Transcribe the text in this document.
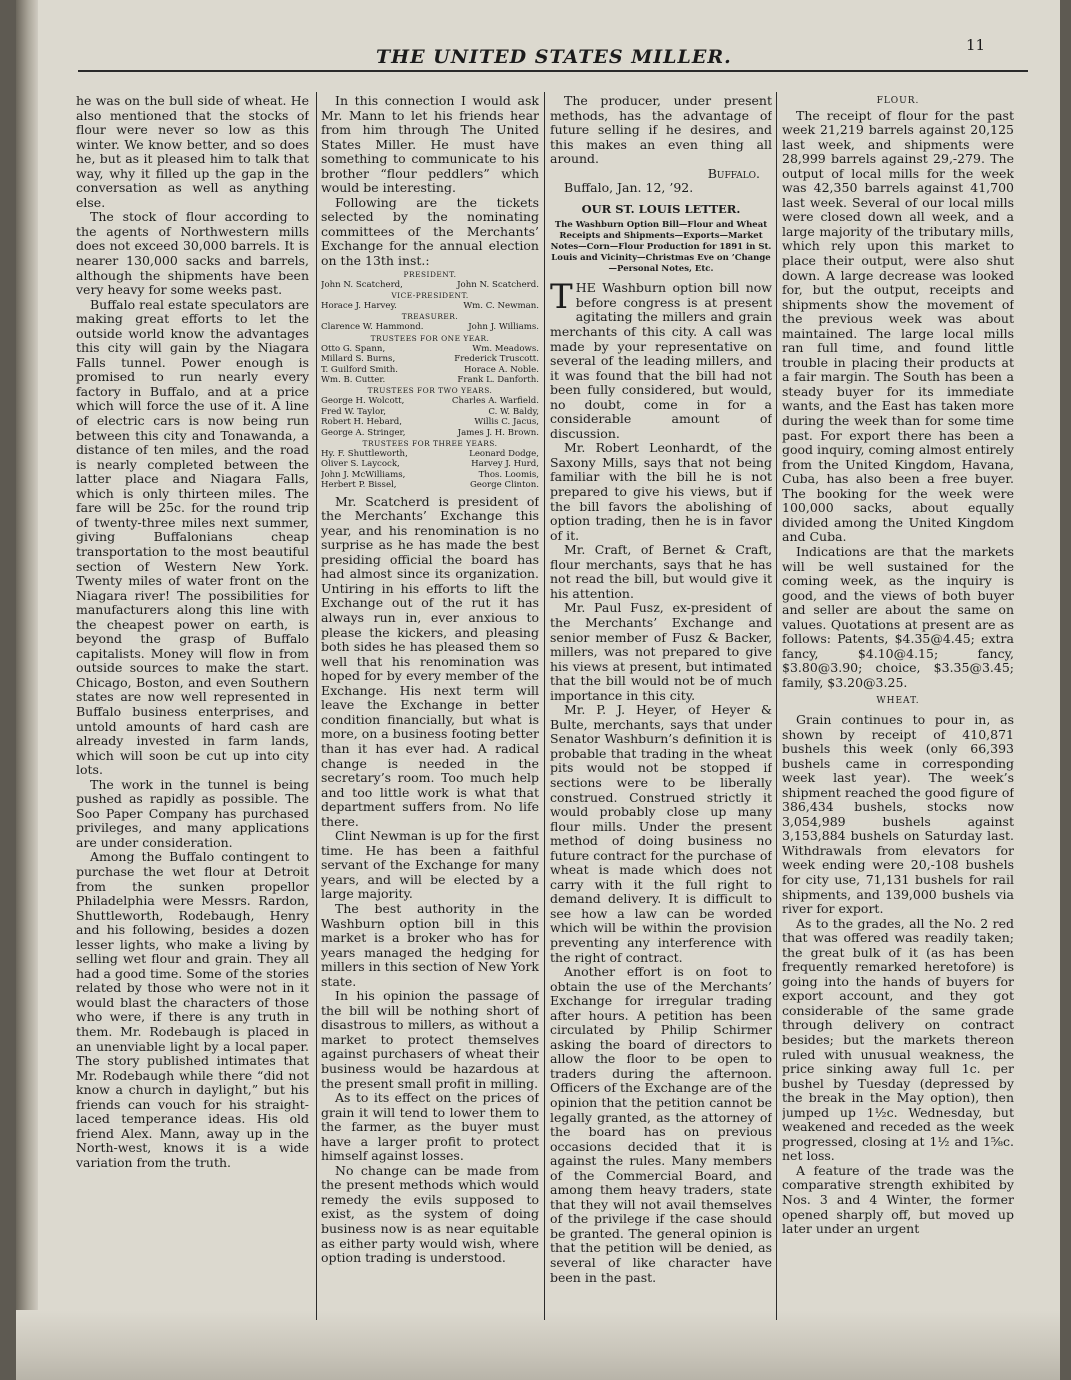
THE UNITED STATES MILLER.
11

he was on the bull side of wheat. He also mentioned that the stocks of flour were never so low as this winter. We know better, and so does he, but as it pleased him to talk that way, why it filled up the gap in the conversation as well as anything else.

The stock of flour according to the agents of Northwestern mills does not exceed 30,000 barrels. It is nearer 130,000 sacks and barrels, although the shipments have been very heavy for some weeks past.

Buffalo real estate speculators are making great efforts to let the outside world know the advantages this city will gain by the Niagara Falls tunnel. Power enough is promised to run nearly every factory in Buffalo, and at a price which will force the use of it. A line of electric cars is now being run between this city and Tonawanda, a distance of ten miles, and the road is nearly completed between the latter place and Niagara Falls, which is only thirteen miles. The fare will be 25c. for the round trip of twenty-three miles next summer, giving Buffalonians cheap transportation to the most beautiful section of Western New York. Twenty miles of water front on the Niagara river! The possibilities for manufacturers along this line with the cheapest power on earth, is beyond the grasp of Buffalo capitalists. Money will flow in from outside sources to make the start. Chicago, Boston, and even Southern states are now well represented in Buffalo business enterprises, and untold amounts of hard cash are already invested in farm lands, which will soon be cut up into city lots.

The work in the tunnel is being pushed as rapidly as possible. The Soo Paper Company has purchased privileges, and many applications are under consideration.

Among the Buffalo contingent to purchase the wet flour at Detroit from the sunken propellor Philadelphia were Messrs. Rardon, Shuttleworth, Rodebaugh, Henry and his following, besides a dozen lesser lights, who make a living by selling wet flour and grain. They all had a good time. Some of the stories related by those who were not in it would blast the characters of those who were, if there is any truth in them. Mr. Rodebaugh is placed in an unenviable light by a local paper. The story published intimates that Mr. Rodebaugh while there “did not know a church in daylight,” but his friends can vouch for his straight-laced temperance ideas. His old friend Alex. Mann, away up in the North-west, knows it is a wide variation from the truth.

In this connection I would ask Mr. Mann to let his friends hear from him through The United States Miller. He must have something to communicate to his brother “flour peddlers” which would be interesting.

Following are the tickets selected by the nominating committees of the Merchants’ Exchange for the annual election on the 13th inst.:

PRESIDENT.
John N. Scatcherd,	John N. Scatcherd.
VICE-PRESIDENT.
Horace J. Harvey.	Wm. C. Newman.
TREASURER.
Clarence W. Hammond.	John J. Williams.
TRUSTEES FOR ONE YEAR.
Otto G. Spann,	Wm. Meadows.
Millard S. Burns,	Frederick Truscott.
T. Guilford Smith.	Horace A. Noble.
Wm. B. Cutter.	Frank L. Danforth.
TRUSTEES FOR TWO YEARS.
George H. Wolcott,	Charles A. Warfield.
Fred W. Taylor,	C. W. Baldy,
Robert H. Hebard,	Willis C. Jacus,
George A. Stringer,	James J. H. Brown.
TRUSTEES FOR THREE YEARS.
Hy. F. Shuttleworth,	Leonard Dodge,
Oliver S. Laycock,	Harvey J. Hurd,
John J. McWilliams,	Thos. Loomis,
Herbert P. Bissel,	George Clinton.

Mr. Scatcherd is president of the Merchants’ Exchange this year, and his renomination is no surprise as he has made the best presiding official the board has had almost since its organization. Untiring in his efforts to lift the Exchange out of the rut it has always run in, ever anxious to please the kickers, and pleasing both sides he has pleased them so well that his renomination was hoped for by every member of the Exchange. His next term will leave the Exchange in better condition financially, but what is more, on a business footing better than it has ever had. A radical change is needed in the secretary’s room. Too much help and too little work is what that department suffers from. No life there.

Clint Newman is up for the first time. He has been a faithful servant of the Exchange for many years, and will be elected by a large majority.

The best authority in the Washburn option bill in this market is a broker who has for years managed the hedging for millers in this section of New York state.

In his opinion the passage of the bill will be nothing short of disastrous to millers, as without a market to protect themselves against purchasers of wheat their business would be hazardous at the present small profit in milling.

As to its effect on the prices of grain it will tend to lower them to the farmer, as the buyer must have a larger profit to protect himself against losses.

No change can be made from the present methods which would remedy the evils supposed to exist, as the system of doing business now is as near equitable as either party would wish, where option trading is understood.

The producer, under present methods, has the advantage of future selling if he desires, and this makes an even thing all around.

Buffalo.

Buffalo, Jan. 12, ’92.

OUR ST. LOUIS LETTER.
The Washburn Option Bill—Flour and Wheat Receipts and Shipments—Exports—Market Notes—Corn—Flour Production for 1891 in St. Louis and Vicinity—Christmas Eve on ’Change—Personal Notes, Etc.

THE Washburn option bill now before congress is at present agitating the millers and grain merchants of this city. A call was made by your representative on several of the leading millers, and it was found that the bill had not been fully considered, but would, no doubt, come in for a considerable amount of discussion.

Mr. Robert Leonhardt, of the Saxony Mills, says that not being familiar with the bill he is not prepared to give his views, but if the bill favors the abolishing of option trading, then he is in favor of it.

Mr. Craft, of Bernet & Craft, flour merchants, says that he has not read the bill, but would give it his attention.

Mr. Paul Fusz, ex-president of the Merchants’ Exchange and senior member of Fusz & Backer, millers, was not prepared to give his views at present, but intimated that the bill would not be of much importance in this city.

Mr. P. J. Heyer, of Heyer & Bulte, merchants, says that under Senator Washburn’s definition it is probable that trading in the wheat pits would not be stopped if sections were to be liberally construed. Construed strictly it would probably close up many flour mills. Under the present method of doing business no future contract for the purchase of wheat is made which does not carry with it the full right to demand delivery. It is difficult to see how a law can be worded which will be within the provision preventing any interference with the right of contract.

Another effort is on foot to obtain the use of the Merchants’ Exchange for irregular trading after hours. A petition has been circulated by Philip Schirmer asking the board of directors to allow the floor to be open to traders during the afternoon. Officers of the Exchange are of the opinion that the petition cannot be legally granted, as the attorney of the board has on previous occasions decided that it is against the rules. Many members of the Commercial Board, and among them heavy traders, state that they will not avail themselves of the privilege if the case should be granted. The general opinion is that the petition will be denied, as several of like character have been in the past.

FLOUR.

The receipt of flour for the past week 21,219 barrels against 20,125 last week, and shipments were 28,999 barrels against 29,-279. The output of local mills for the week was 42,350 barrels against 41,700 last week. Several of our local mills were closed down all week, and a large majority of the tributary mills, which rely upon this market to place their output, were also shut down. A large decrease was looked for, but the output, receipts and shipments show the movement of the previous week was about maintained. The large local mills ran full time, and found little trouble in placing their products at a fair margin. The South has been a steady buyer for its immediate wants, and the East has taken more during the week than for some time past. For export there has been a good inquiry, coming almost entirely from the United Kingdom, Havana, Cuba, has also been a free buyer. The booking for the week were 100,000 sacks, about equally divided among the United Kingdom and Cuba.

Indications are that the markets will be well sustained for the coming week, as the inquiry is good, and the views of both buyer and seller are about the same on values. Quotations at present are as follows: Patents, $4.35@4.45; extra fancy, $4.10@4.15; fancy, $3.80@3.90; choice, $3.35@3.45; family, $3.20@3.25.

WHEAT.

Grain continues to pour in, as shown by receipt of 410,871 bushels this week (only 66,393 bushels came in corresponding week last year). The week’s shipment reached the good figure of 386,434 bushels, stocks now 3,054,989 bushels against 3,153,884 bushels on Saturday last. Withdrawals from elevators for week ending were 20,-108 bushels for city use, 71,131 bushels for rail shipments, and 139,000 bushels via river for export.

As to the grades, all the No. 2 red that was offered was readily taken; the great bulk of it (as has been frequently remarked heretofore) is going into the hands of buyers for export account, and they got considerable of the same grade through delivery on contract besides; but the markets thereon ruled with unusual weakness, the price sinking away full 1c. per bushel by Tuesday (depressed by the break in the May option), then jumped up 1½c. Wednesday, but weakened and receded as the week progressed, closing at 1½ and 1⅝c. net loss.

A feature of the trade was the comparative strength exhibited by Nos. 3 and 4 Winter, the former opened sharply off, but moved up later under an urgent
